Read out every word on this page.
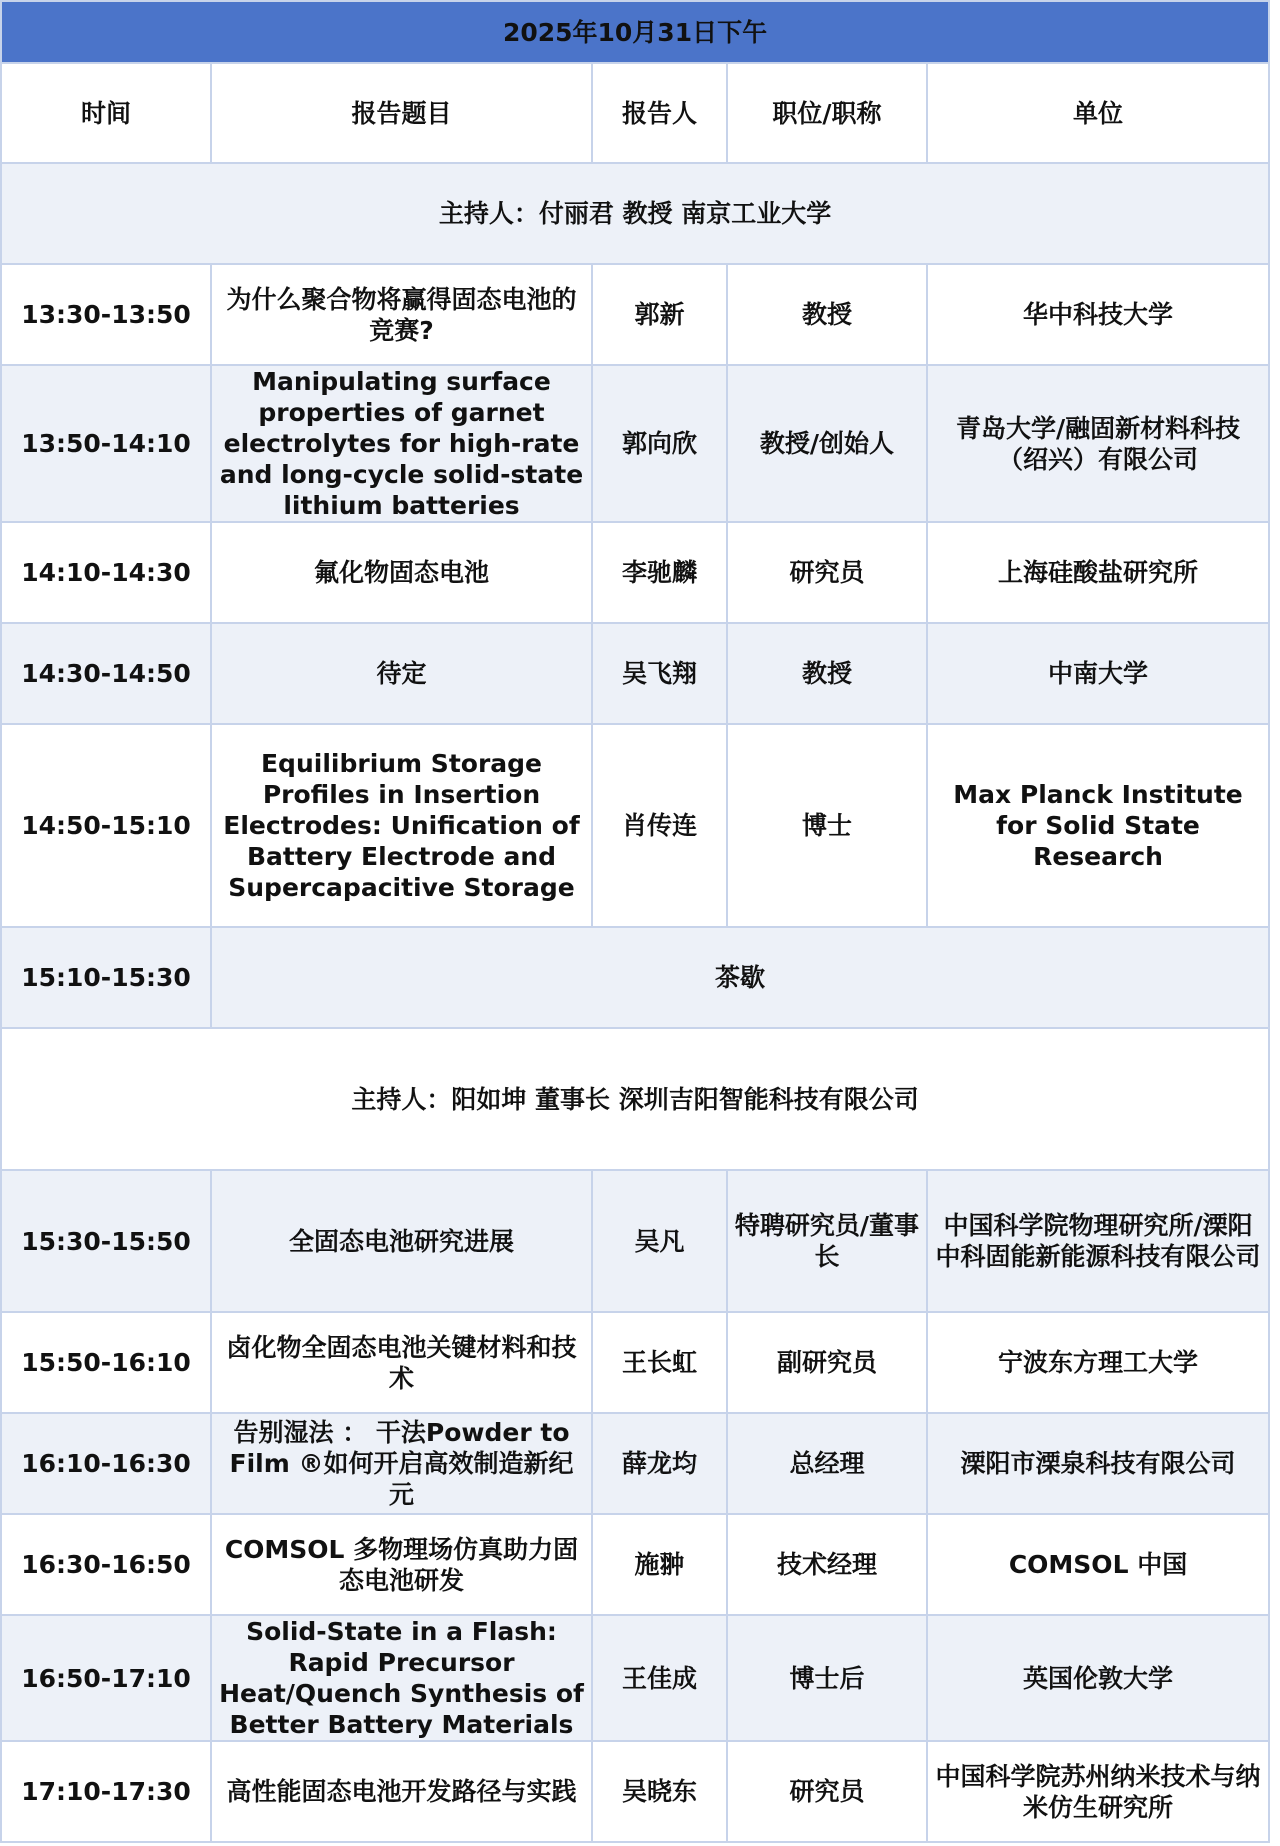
2025年10月31日下午				
时间	报告题目	报告人	职位/职称	单位
主持人：付丽君 教授 南京工业大学				
13:30-13:50	为什么聚合物将赢得固态电池的竞赛?	郭新	教授	华中科技大学
13:50-14:10	Manipulating surface properties of garnet electrolytes for high-rate and long-cycle solid-state lithium batteries	郭向欣	教授/创始人	青岛大学/融固新材料科技（绍兴）有限公司
14:10-14:30	氟化物固态电池	李驰麟	研究员	上海硅酸盐研究所
14:30-14:50	待定	吴飞翔	教授	中南大学
14:50-15:10	Equilibrium Storage Profiles in Insertion Electrodes: Unification of Battery Electrode and Supercapacitive Storage	肖传连	博士	Max Planck Institute for Solid State Research
15:10-15:30	茶歇			
主持人：阳如坤 董事长 深圳吉阳智能科技有限公司				
15:30-15:50	全固态电池研究进展	吴凡	特聘研究员/董事长	中国科学院物理研究所/溧阳中科固能新能源科技有限公司
15:50-16:10	卤化物全固态电池关键材料和技术	王长虹	副研究员	宁波东方理工大学
16:10-16:30	告别湿法 ： 干法Powder to Film ®如何开启高效制造新纪元	薛龙均	总经理	溧阳市溧泉科技有限公司
16:30-16:50	COMSOL 多物理场仿真助力固态电池研发	施翀	技术经理	COMSOL 中国
16:50-17:10	Solid-State in a Flash: Rapid Precursor Heat/Quench Synthesis of Better Battery Materials	王佳成	博士后	英国伦敦大学
17:10-17:30	高性能固态电池开发路径与实践	吴晓东	研究员	中国科学院苏州纳米技术与纳米仿生研究所
